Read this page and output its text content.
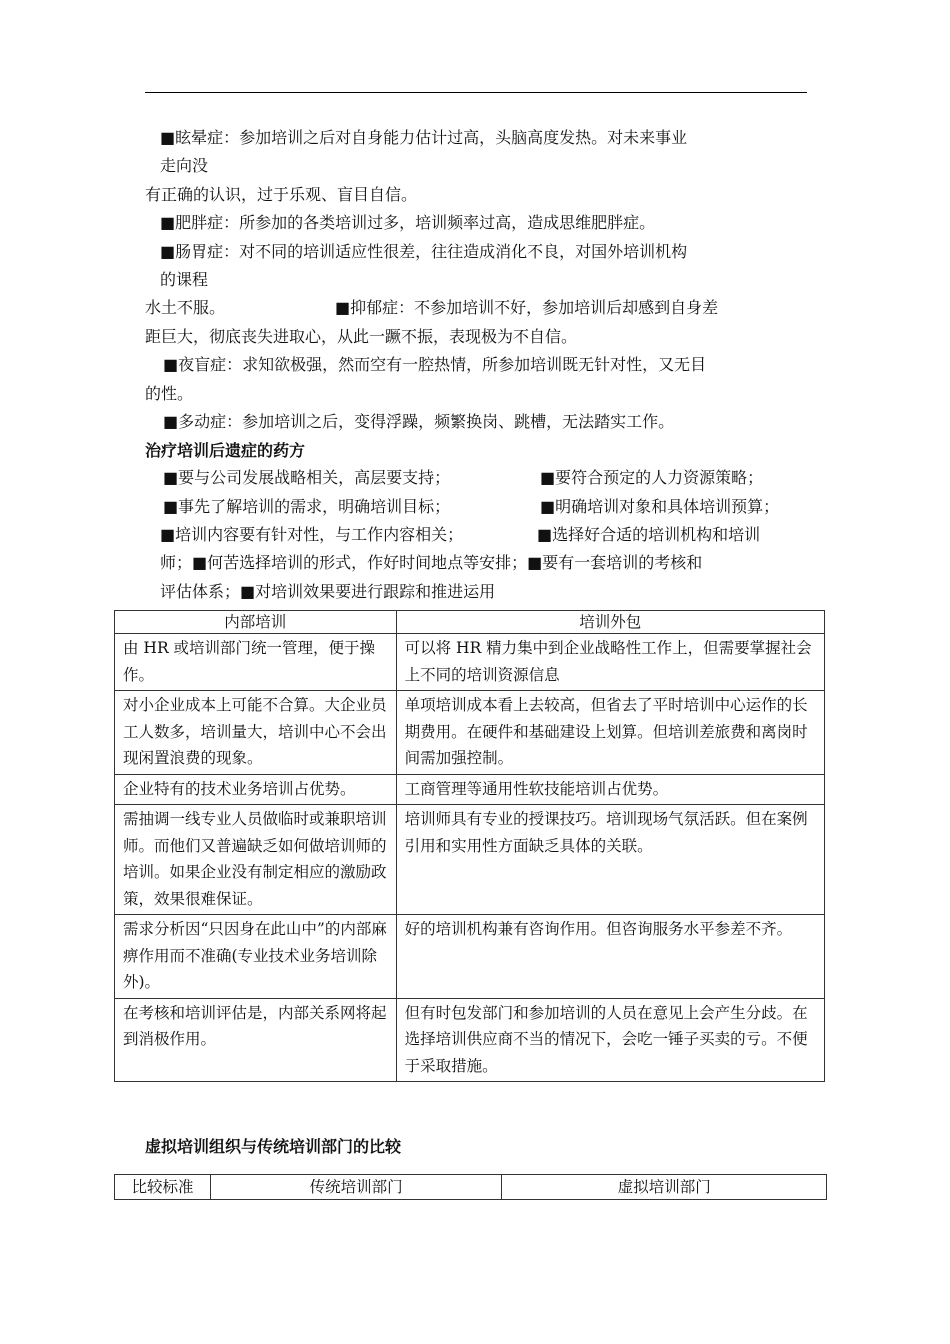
■眩晕症：参加培训之后对自身能力估计过高，头脑高度发热。对未来事业
走向没
有正确的认识，过于乐观、盲目自信。
■肥胖症：所参加的各类培训过多，培训频率过高，造成思维肥胖症。
■肠胃症：对不同的培训适应性很差，往往造成消化不良，对国外培训机构
的课程
水土不服。	■抑郁症：不参加培训不好，参加培训后却感到自身差
距巨大，彻底丧失进取心，从此一蹶不振，表现极为不自信。
■夜盲症：求知欲极强，然而空有一腔热情，所参加培训既无针对性，又无目
的性。
■多动症：参加培训之后，变得浮躁，频繁换岗、跳槽，无法踏实工作。
■要与公司发展战略相关，高层要支持；	■要符合预定的人力资源策略；
■事先了解培训的需求，明确培训目标；	■明确培训对象和具体培训预算；
■培训内容要有针对性，与工作内容相关；	■选择好合适的培训机构和培训
师；■何苦选择培训的形式，作好时间地点等安排；■要有一套培训的考核和
评估体系；■对培训效果要进行跟踪和推进运用
治疗培训后遗症的药方
内部培训	培训外包
由 HR 或培训部门统一管理，便于操作。	可以将 HR 精力集中到企业战略性工作上，但需要掌握社会上不同的培训资源信息
对小企业成本上可能不合算。大企业员工人数多，培训量大，培训中心不会出现闲置浪费的现象。	单项培训成本看上去较高，但省去了平时培训中心运作的长期费用。在硬件和基础建设上划算。但培训差旅费和离岗时间需加强控制。
企业特有的技术业务培训占优势。	工商管理等通用性软技能培训占优势。
需抽调一线专业人员做临时或兼职培训师。而他们又普遍缺乏如何做培训师的培训。如果企业没有制定相应的激励政策，效果很难保证。	培训师具有专业的授课技巧。培训现场气氛活跃。但在案例引用和实用性方面缺乏具体的关联。
需求分析因“只因身在此山中”的内部麻痹作用而不准确(专业技术业务培训除外)。	好的培训机构兼有咨询作用。但咨询服务水平参差不齐。
在考核和培训评估是，内部关系网将起到消极作用。	但有时包发部门和参加培训的人员在意见上会产生分歧。在选择培训供应商不当的情况下，会吃一锤子买卖的亏。不便于采取措施。
虚拟培训组织与传统培训部门的比较
比较标准	传统培训部门	虚拟培训部门
